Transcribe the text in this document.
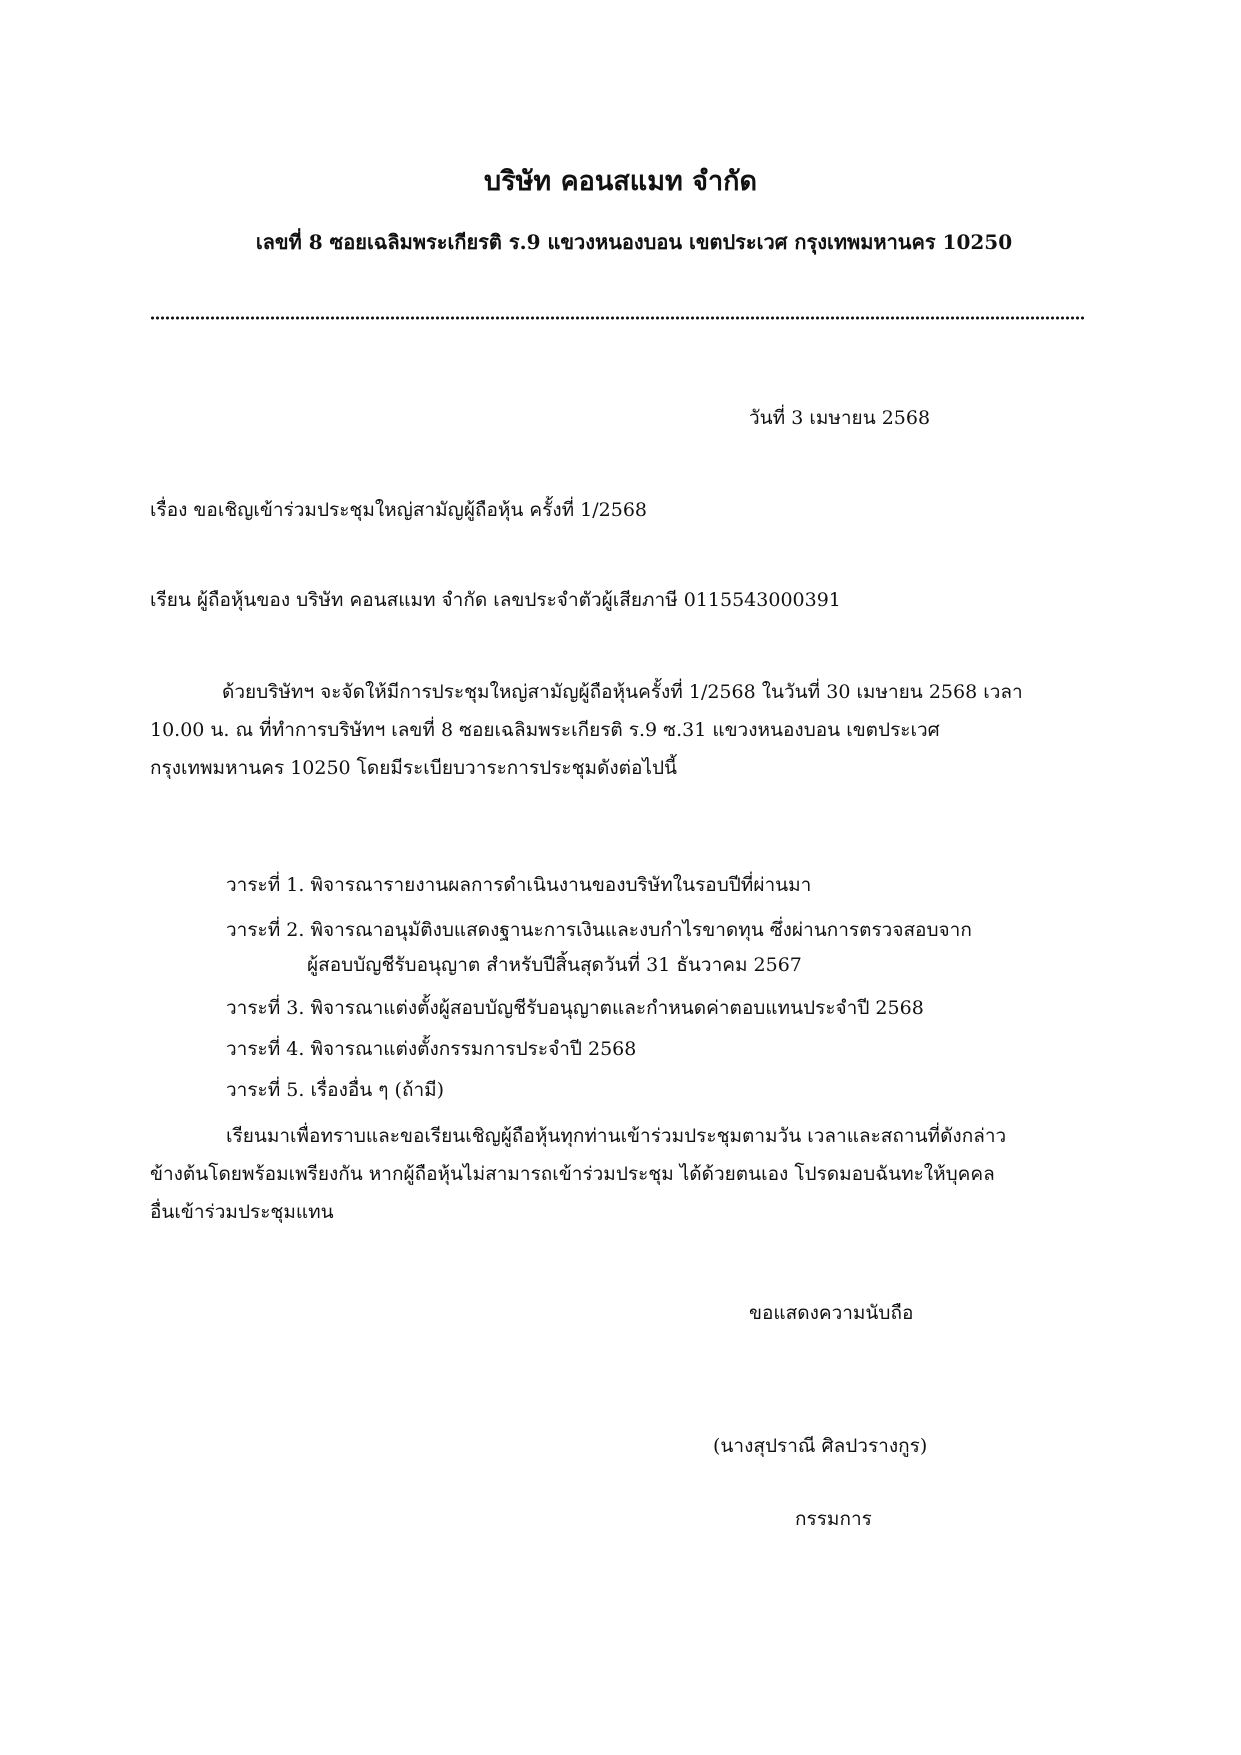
บริษัท คอนสแมท จำกัด
เลขที่ 8 ซอยเฉลิมพระเกียรติ ร.9 แขวงหนองบอน เขตประเวศ กรุงเทพมหานคร 10250
วันที่ 3 เมษายน 2568
เรื่อง ขอเชิญเข้าร่วมประชุมใหญ่สามัญผู้ถือหุ้น ครั้งที่ 1/2568
เรียน ผู้ถือหุ้นของ บริษัท คอนสแมท จำกัด เลขประจำตัวผู้เสียภาษี 0115543000391
ด้วยบริษัทฯ จะจัดให้มีการประชุมใหญ่สามัญผู้ถือหุ้นครั้งที่ 1/2568 ในวันที่ 30 เมษายน 2568 เวลา
10.00 น. ณ ที่ทำการบริษัทฯ เลขที่ 8 ซอยเฉลิมพระเกียรติ ร.9 ซ.31 แขวงหนองบอน เขตประเวศ
กรุงเทพมหานคร 10250 โดยมีระเบียบวาระการประชุมดังต่อไปนี้
วาระที่ 1. พิจารณารายงานผลการดำเนินงานของบริษัทในรอบปีที่ผ่านมา
วาระที่ 2. พิจารณาอนุมัติงบแสดงฐานะการเงินและงบกำไรขาดทุน ซึ่งผ่านการตรวจสอบจาก
ผู้สอบบัญชีรับอนุญาต สำหรับปีสิ้นสุดวันที่ 31 ธันวาคม 2567
วาระที่ 3. พิจารณาแต่งตั้งผู้สอบบัญชีรับอนุญาตและกำหนดค่าตอบแทนประจำปี 2568
วาระที่ 4. พิจารณาแต่งตั้งกรรมการประจำปี 2568
วาระที่ 5. เรื่องอื่น ๆ (ถ้ามี)
เรียนมาเพื่อทราบและขอเรียนเชิญผู้ถือหุ้นทุกท่านเข้าร่วมประชุมตามวัน เวลาและสถานที่ดังกล่าว
ข้างต้นโดยพร้อมเพรียงกัน หากผู้ถือหุ้นไม่สามารถเข้าร่วมประชุม ได้ด้วยตนเอง โปรดมอบฉันทะให้บุคคล
อื่นเข้าร่วมประชุมแทน
ขอแสดงความนับถือ
(นางสุปราณี ศิลปวรางกูร)
กรรมการ
